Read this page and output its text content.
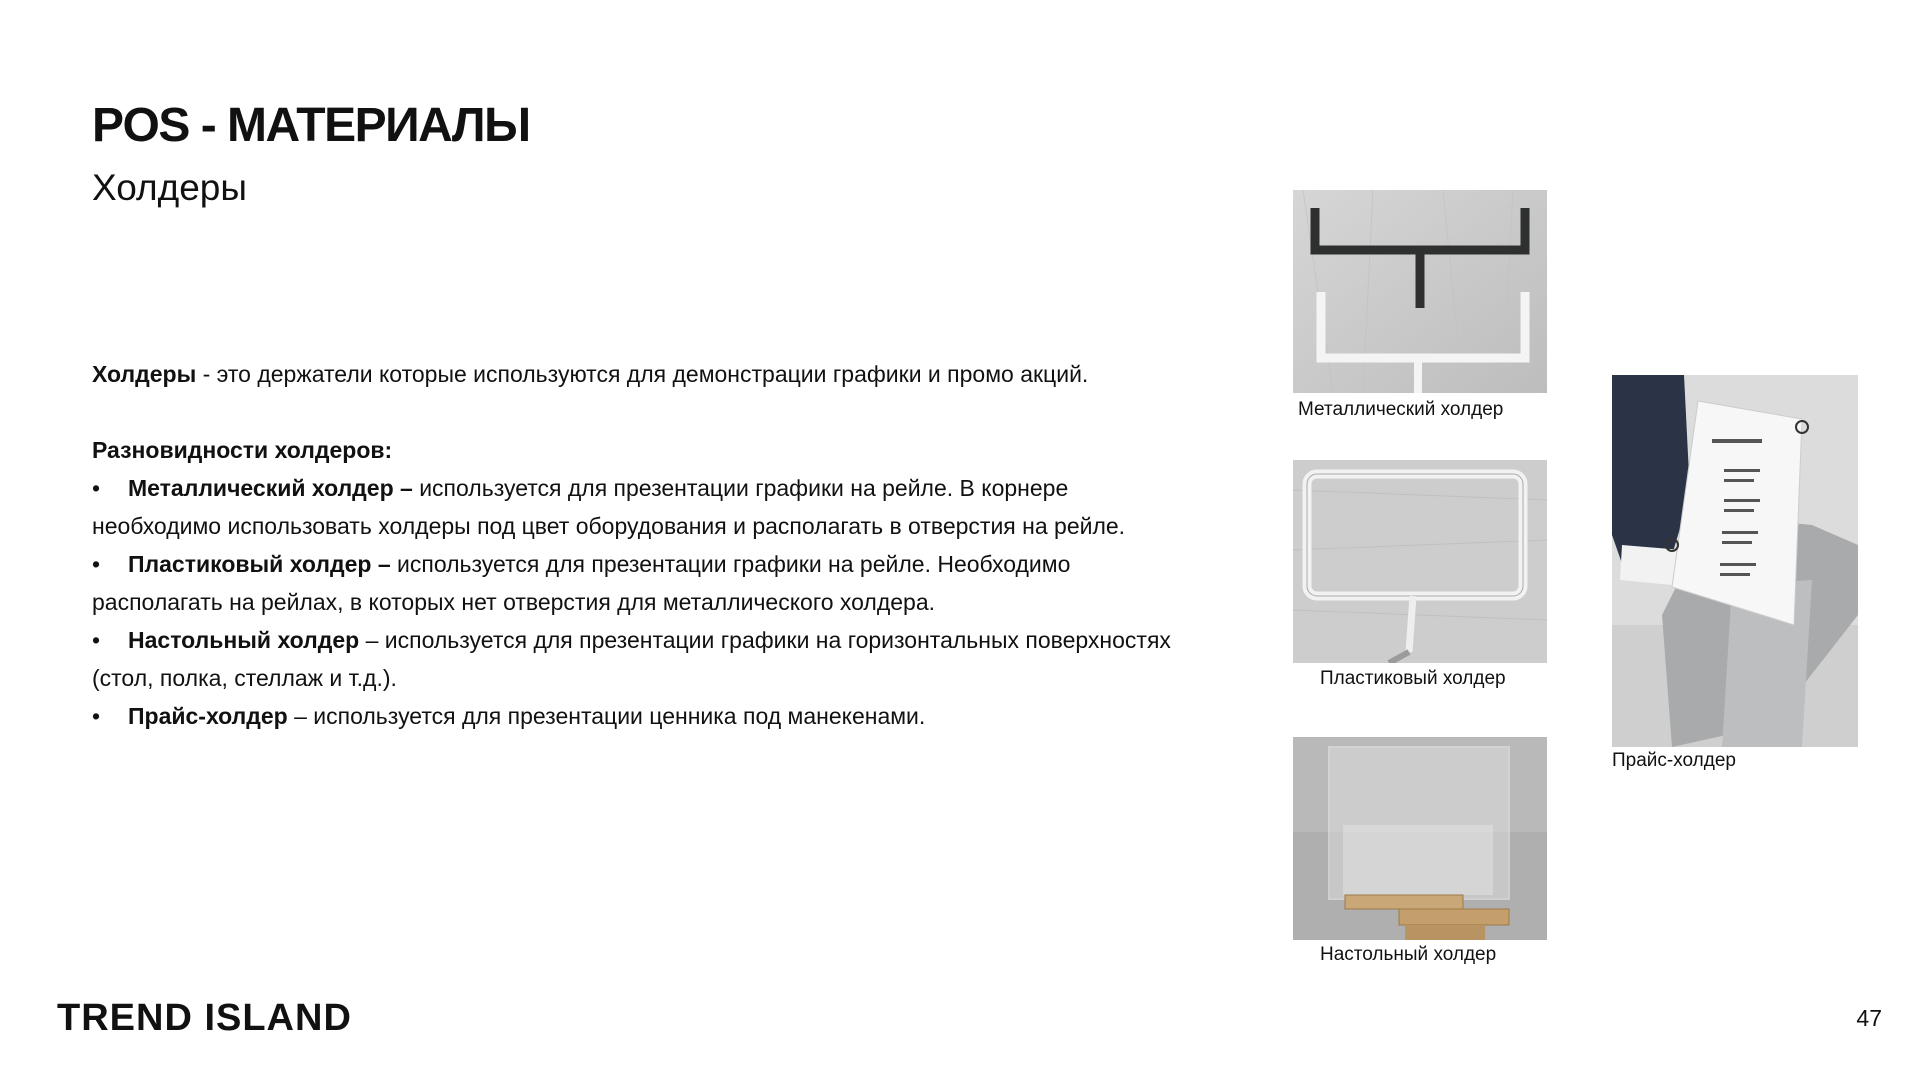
POS - МАТЕРИАЛЫ
Холдеры

Холдеры - это держатели которые используются для демонстрации графики и промо акций.

Разновидности холдеров:

• Металлический холдер – используется для презентации графики на рейле. В корнере

необходимо использовать холдеры под цвет оборудования и располагать в отверстия на рейле.

• Пластиковый холдер – используется для презентации графики на рейле. Необходимо

располагать на рейлах, в которых нет отверстия для металлического холдера.

• Настольный холдер – используется для презентации графики на горизонтальных поверхностях

(стол, полка, стеллаж и т.д.).

• Прайс-холдер – используется для презентации ценника под манекенами.

Металлический холдер
Пластиковый холдер
Настольный холдер
Прайс-холдер
TREND ISLAND	47
